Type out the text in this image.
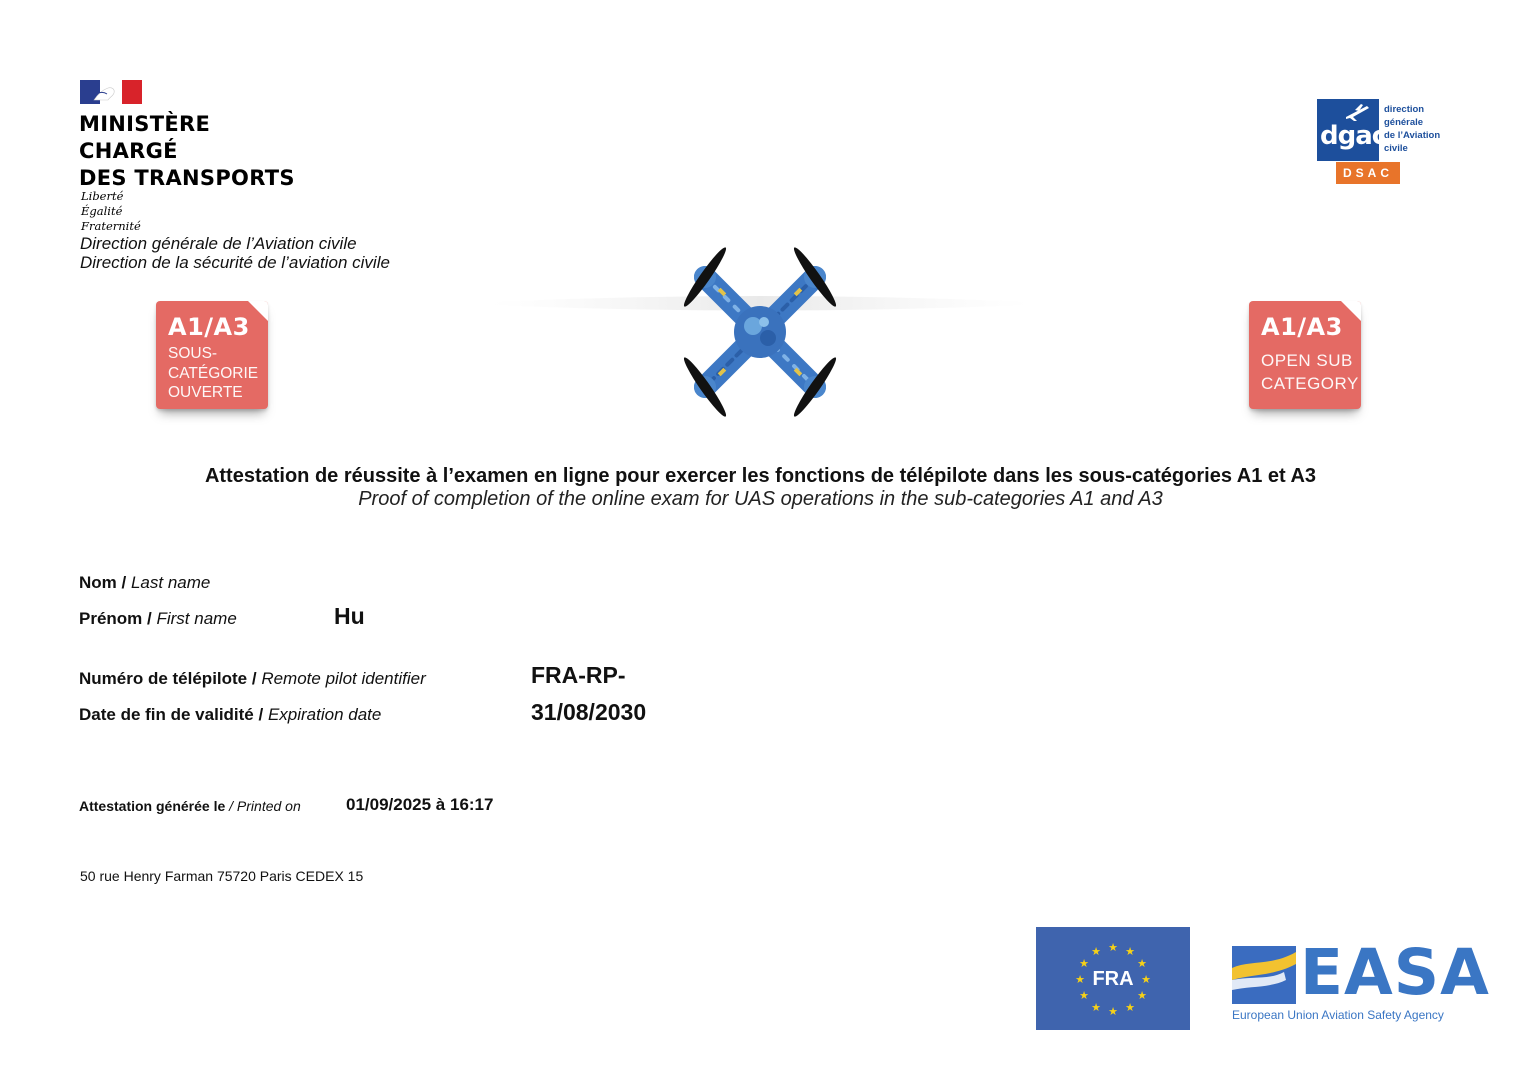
MINISTÈRE
CHARGÉ
DES TRANSPORTS
Liberté
Égalité
Fraternité
Direction générale de l’Aviation civile
Direction de la sécurité de l’aviation civile
dgac
direction
générale
de l’Aviation
civile
DSAC
A1/A3
SOUS-
CATÉGORIE
OUVERTE
A1/A3
OPEN SUB
CATEGORY
Attestation de réussite à l’examen en ligne pour exercer les fonctions de télépilote dans les sous-catégories A1 et A3
Proof of completion of the online exam for UAS operations in the sub-categories A1 and A3
Nom / Last name
Prénom / First name	Hu
Numéro de télépilote / Remote pilot identifier	FRA-RP-
Date de fin de validité / Expiration date	31/08/2030
Attestation générée le / Printed on	01/09/2025 à 16:17
50 rue Henry Farman 75720 Paris CEDEX 15
★ ★
★
★
★
★
★
★
★
★
★
★
FRA	EASA
European Union Aviation Safety Agency
